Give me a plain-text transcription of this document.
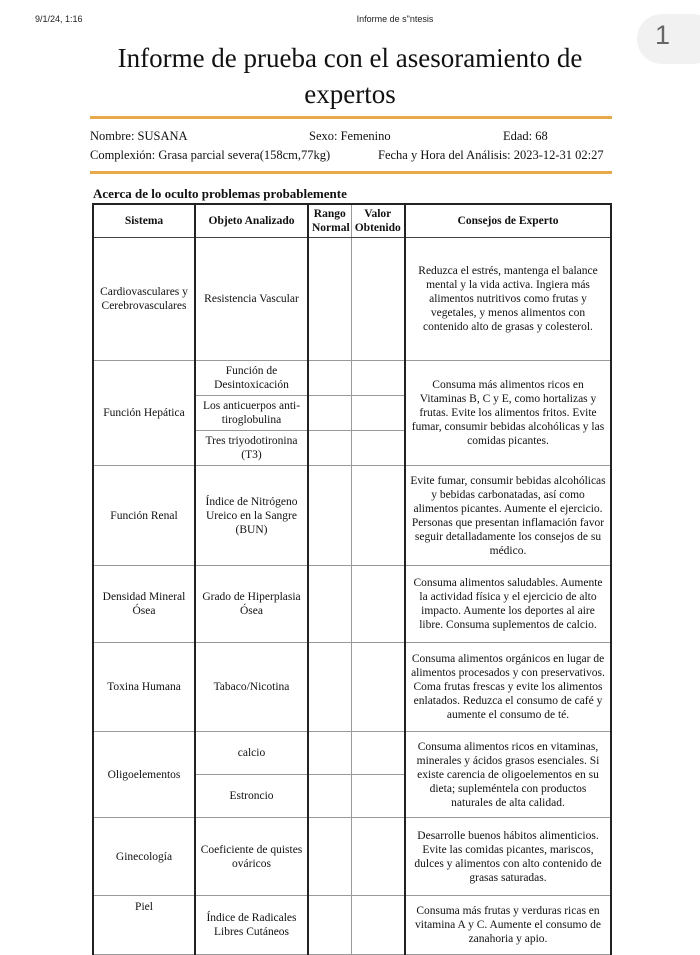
9/1/24, 1:16	Informe de s"ntesis
1
Informe de prueba con el asesoramiento de expertos
Nombre: SUSANA	Sexo: Femenino	Edad: 68
Complexión: Grasa parcial severa(158cm,77kg)	Fecha y Hora del Análisis: 2023-12-31 02:27
Acerca de lo oculto problemas probablemente
Sistema	Objeto Analizado	Rango Normal	Valor Obtenido	Consejos de Experto
Cardiovasculares y Cerebrovasculares	Resistencia Vascular			Reduzca el estrés, mantenga el balance mental y la vida activa. Ingiera más alimentos nutritivos como frutas y vegetales, y menos alimentos con contenido alto de grasas y colesterol.
Función Hepática	Función de Desintoxicación			Consuma más alimentos ricos en Vitaminas B, C y E, como hortalizas y frutas. Evite los alimentos fritos. Evite fumar, consumir bebidas alcohólicas y las comidas picantes.
	Los anticuerpos anti-tiroglobulina			
	Tres triyodotironina (T3)			
Función Renal	Índice de Nitrógeno Ureico en la Sangre (BUN)			Evite fumar, consumir bebidas alcohólicas y bebidas carbonatadas, así como alimentos picantes. Aumente el ejercicio. Personas que presentan inflamación favor seguir detalladamente los consejos de su médico.
Densidad Mineral Ósea	Grado de Hiperplasia Ósea			Consuma alimentos saludables. Aumente la actividad física y el ejercicio de alto impacto. Aumente los deportes al aire libre. Consuma suplementos de calcio.
Toxina Humana	Tabaco/Nicotina			Consuma alimentos orgánicos en lugar de alimentos procesados y con preservativos. Coma frutas frescas y evite los alimentos enlatados. Reduzca el consumo de café y aumente el consumo de té.
Oligoelementos	calcio			Consuma alimentos ricos en vitaminas, minerales y ácidos grasos esenciales. Si existe carencia de oligoelementos en su dieta; supleméntela con productos naturales de alta calidad.
	Estroncio			
Ginecología	Coeficiente de quistes ováricos			Desarrolle buenos hábitos alimenticios. Evite las comidas picantes, mariscos, dulces y alimentos con alto contenido de grasas saturadas.
Piel	Índice de Radicales Libres Cutáneos			Consuma más frutas y verduras ricas en vitamina A y C. Aumente el consumo de zanahoria y apio.
